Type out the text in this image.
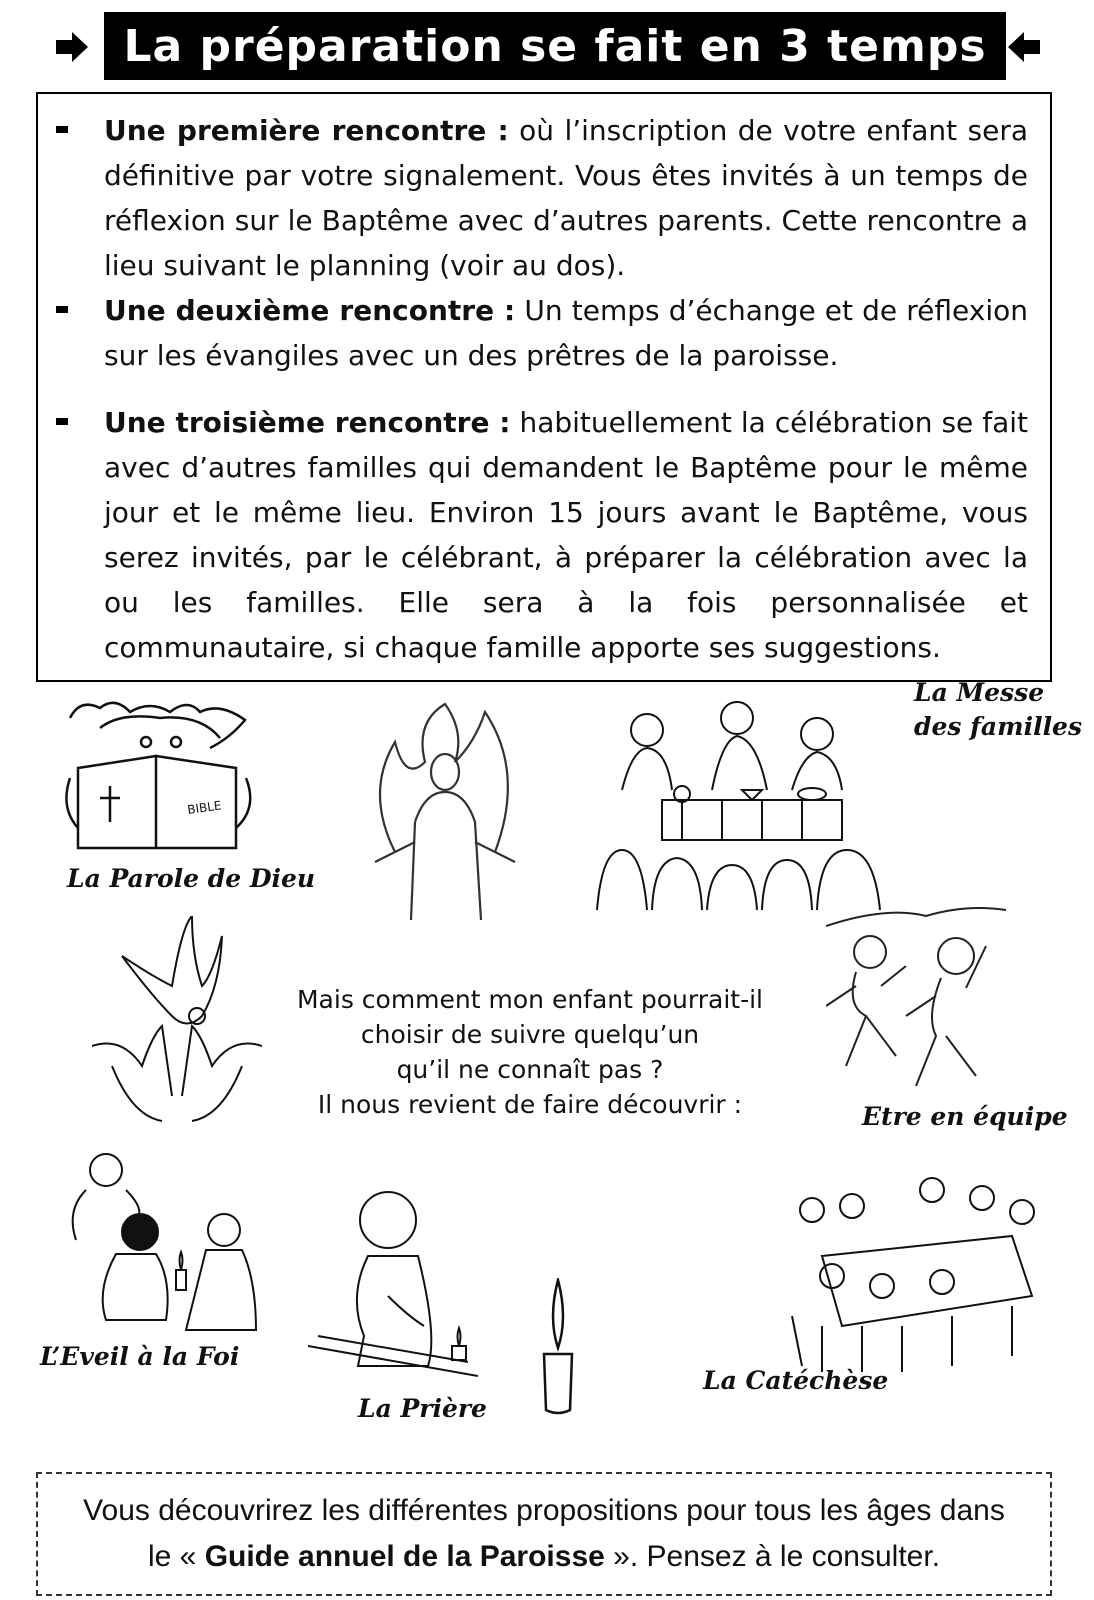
La préparation se fait en 3 temps
Une première rencontre : où l’inscription de votre enfant sera définitive par votre signalement. Vous êtes invités à un temps de réflexion sur le Baptême avec d’autres parents. Cette rencontre a lieu suivant le planning (voir au dos).
Une deuxième rencontre : Un temps d’échange et de réflexion sur les évangiles avec un des prêtres de la paroisse.
Une troisième rencontre : habituellement la célébration se fait avec d’autres familles qui demandent le Baptême pour le même jour et le même lieu. Environ 15 jours avant le Baptême, vous serez invités, par le célébrant, à préparer la célébration avec la ou les familles. Elle sera à la fois personnalisée et communautaire, si chaque famille apporte ses suggestions.
BIBLE
La Parole de Dieu
La Messe
des familles
Etre en équipe
L’Eveil à la Foi
La Prière
La Catéchèse
Mais comment mon enfant pourrait-il
choisir de suivre quelqu’un
qu’il ne connaît pas ?
Il nous revient de faire découvrir :
Vous découvrirez les différentes propositions pour tous les âges dans
le « Guide annuel de la Paroisse ». Pensez à le consulter.
